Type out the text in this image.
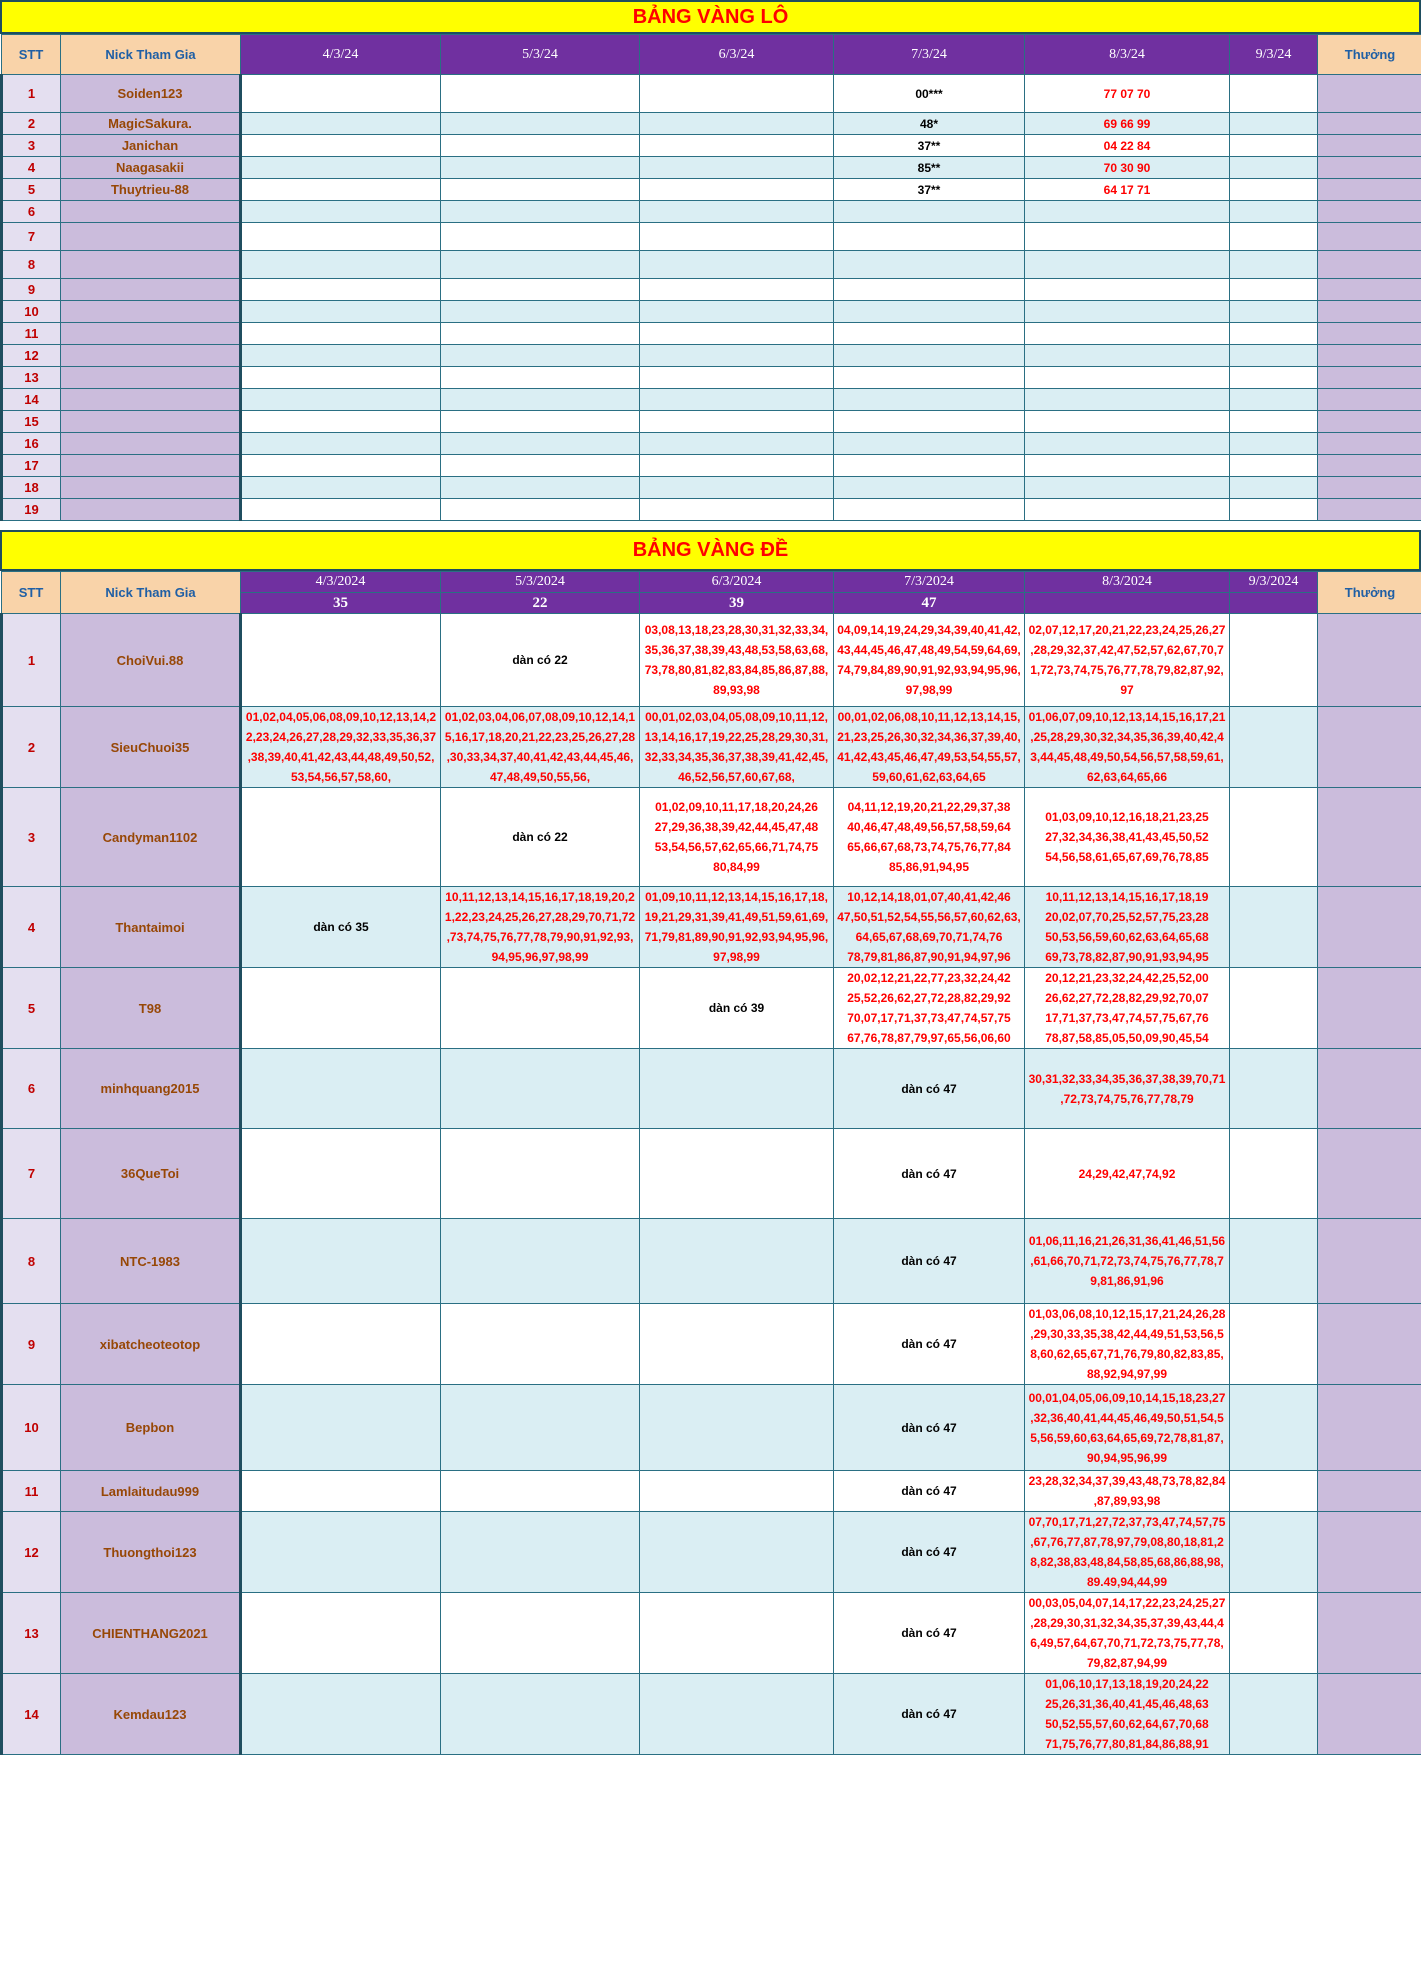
BẢNG VÀNG LÔ
STT	Nick Tham Gia	4/3/24	5/3/24	6/3/24	7/3/24	8/3/24	9/3/24	Thưởng
1	Soiden123				00***	77 07 70		
2	MagicSakura.				48*	69 66 99		
3	Janichan				37**	04 22 84		
4	Naagasakii				85**	70 30 90		
5	Thuytrieu-88				37**	64 17 71		
6								
7								
8								
9								
10								
11								
12								
13								
14								
15								
16								
17								
18								
19								
BẢNG VÀNG ĐỀ
STT	Nick Tham Gia	4/3/2024	5/3/2024	6/3/2024	7/3/2024	8/3/2024	9/3/2024	Thưởng
		35	22	39	47			
1	ChoiVui.88		dàn có 22	03,08,13,18,23,28,30,31,32,33,34,35,36,37,38,39,43,48,53,58,63,68,73,78,80,81,82,83,84,85,86,87,88,89,93,98	04,09,14,19,24,29,34,39,40,41,42,43,44,45,46,47,48,49,54,59,64,69,74,79,84,89,90,91,92,93,94,95,96,97,98,99	02,07,12,17,20,21,22,23,24,25,26,27,28,29,32,37,42,47,52,57,62,67,70,71,72,73,74,75,76,77,78,79,82,87,92,97		
2	SieuChuoi35	01,02,04,05,06,08,09,10,12,13,14,22,23,24,26,27,28,29,32,33,35,36,37,38,39,40,41,42,43,44,48,49,50,52,53,54,56,57,58,60,	01,02,03,04,06,07,08,09,10,12,14,15,16,17,18,20,21,22,23,25,26,27,28,30,33,34,37,40,41,42,43,44,45,46,47,48,49,50,55,56,	00,01,02,03,04,05,08,09,10,11,12,13,14,16,17,19,22,25,28,29,30,31,32,33,34,35,36,37,38,39,41,42,45,46,52,56,57,60,67,68,	00,01,02,06,08,10,11,12,13,14,15,21,23,25,26,30,32,34,36,37,39,40,41,42,43,45,46,47,49,53,54,55,57,59,60,61,62,63,64,65	01,06,07,09,10,12,13,14,15,16,17,21,25,28,29,30,32,34,35,36,39,40,42,43,44,45,48,49,50,54,56,57,58,59,61,62,63,64,65,66		
3	Candyman1102		dàn có 22	01,02,09,10,11,17,18,20,24,26 27,29,36,38,39,42,44,45,47,48 53,54,56,57,62,65,66,71,74,75 80,84,99	04,11,12,19,20,21,22,29,37,38 40,46,47,48,49,56,57,58,59,64 65,66,67,68,73,74,75,76,77,84 85,86,91,94,95	01,03,09,10,12,16,18,21,23,25 27,32,34,36,38,41,43,45,50,52 54,56,58,61,65,67,69,76,78,85		
4	Thantaimoi	dàn có 35	10,11,12,13,14,15,16,17,18,19,20,21,22,23,24,25,26,27,28,29,70,71,72,73,74,75,76,77,78,79,90,91,92,93,94,95,96,97,98,99	01,09,10,11,12,13,14,15,16,17,18,19,21,29,31,39,41,49,51,59,61,69,71,79,81,89,90,91,92,93,94,95,96,97,98,99	10,12,14,18,01,07,40,41,42,46 47,50,51,52,54,55,56,57,60,62,63,64,65,67,68,69,70,71,74,76 78,79,81,86,87,90,91,94,97,96	10,11,12,13,14,15,16,17,18,19 20,02,07,70,25,52,57,75,23,28 50,53,56,59,60,62,63,64,65,68 69,73,78,82,87,90,91,93,94,95		
5	T98			dàn có 39	20,02,12,21,22,77,23,32,24,42 25,52,26,62,27,72,28,82,29,92 70,07,17,71,37,73,47,74,57,75 67,76,78,87,79,97,65,56,06,60	20,12,21,23,32,24,42,25,52,00 26,62,27,72,28,82,29,92,70,07 17,71,37,73,47,74,57,75,67,76 78,87,58,85,05,50,09,90,45,54		
6	minhquang2015				dàn có 47	30,31,32,33,34,35,36,37,38,39,70,71,72,73,74,75,76,77,78,79		
7	36QueToi				dàn có 47	24,29,42,47,74,92		
8	NTC-1983				dàn có 47	01,06,11,16,21,26,31,36,41,46,51,56,61,66,70,71,72,73,74,75,76,77,78,79,81,86,91,96		
9	xibatcheoteotop				dàn có 47	01,03,06,08,10,12,15,17,21,24,26,28,29,30,33,35,38,42,44,49,51,53,56,58,60,62,65,67,71,76,79,80,82,83,85,88,92,94,97,99		
10	Bepbon				dàn có 47	00,01,04,05,06,09,10,14,15,18,23,27,32,36,40,41,44,45,46,49,50,51,54,55,56,59,60,63,64,65,69,72,78,81,87,90,94,95,96,99		
11	Lamlaitudau999				dàn có 47	23,28,32,34,37,39,43,48,73,78,82,84,87,89,93,98		
12	Thuongthoi123				dàn có 47	07,70,17,71,27,72,37,73,47,74,57,75,67,76,77,87,78,97,79,08,80,18,81,28,82,38,83,48,84,58,85,68,86,88,98,89.49,94,44,99		
13	CHIENTHANG2021				dàn có 47	00,03,05,04,07,14,17,22,23,24,25,27,28,29,30,31,32,34,35,37,39,43,44,46,49,57,64,67,70,71,72,73,75,77,78,79,82,87,94,99		
14	Kemdau123				dàn có 47	01,06,10,17,13,18,19,20,24,22 25,26,31,36,40,41,45,46,48,63 50,52,55,57,60,62,64,67,70,68 71,75,76,77,80,81,84,86,88,91		
